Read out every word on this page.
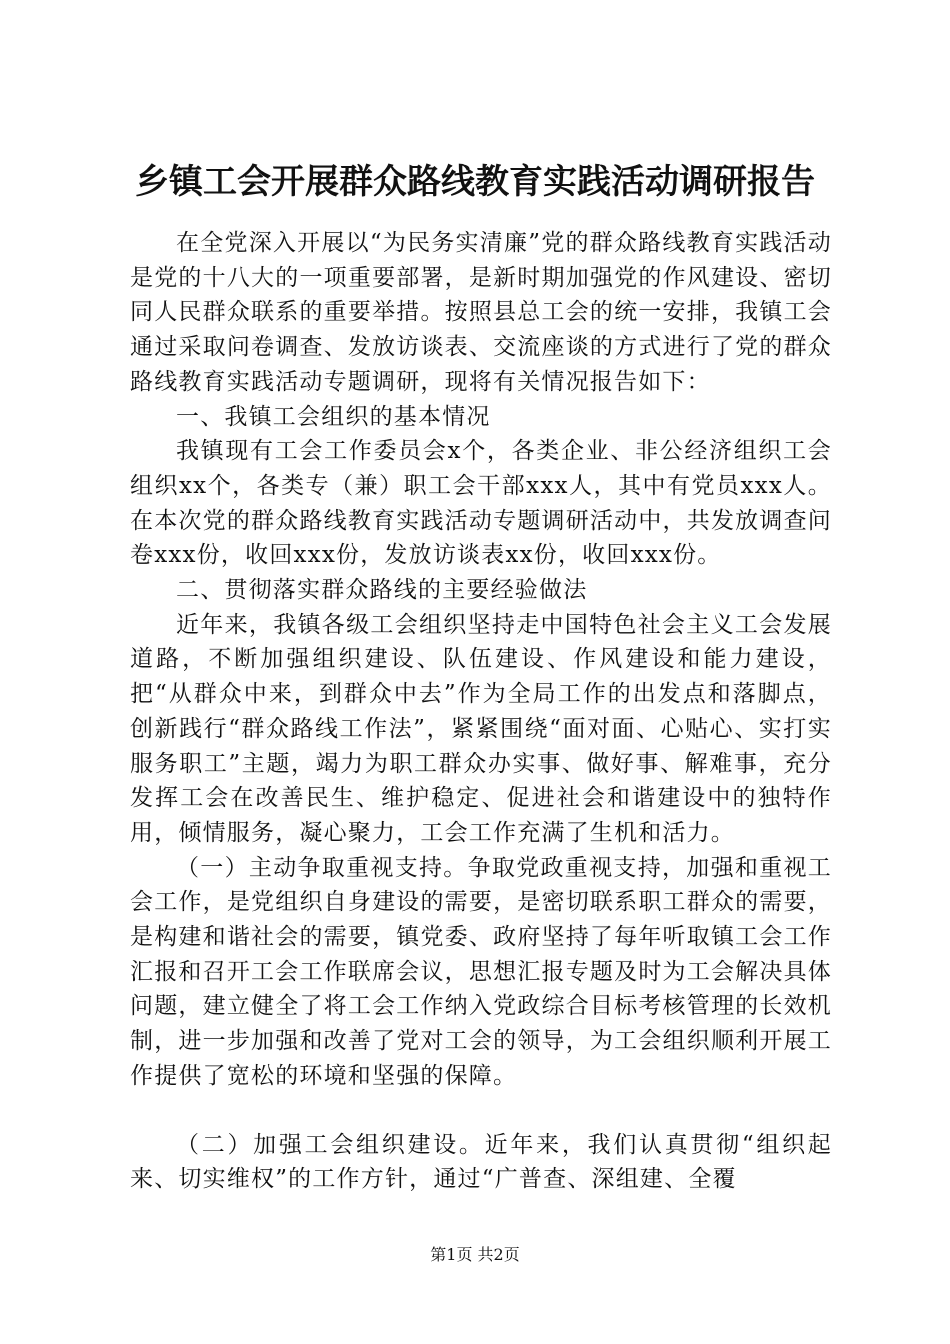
乡镇工会开展群众路线教育实践活动调研报告

在全党深入开展以“为民务实清廉”党的群众路线教育实践活动是党的十八大的一项重要部署，是新时期加强党的作风建设、密切同人民群众联系的重要举措。按照县总工会的统一安排，我镇工会通过采取问卷调查、发放访谈表、交流座谈的方式进行了党的群众路线教育实践活动专题调研，现将有关情况报告如下：

一、我镇工会组织的基本情况

我镇现有工会工作委员会x个，各类企业、非公经济组织工会组织xx个，各类专（兼）职工会干部xxx人，其中有党员xxx人。在本次党的群众路线教育实践活动专题调研活动中，共发放调查问卷xxx份，收回xxx份，发放访谈表xx份，收回xxx份。

二、贯彻落实群众路线的主要经验做法

近年来，我镇各级工会组织坚持走中国特色社会主义工会发展道路，不断加强组织建设、队伍建设、作风建设和能力建设，把“从群众中来，到群众中去”作为全局工作的出发点和落脚点，创新践行“群众路线工作法”，紧紧围绕“面对面、心贴心、实打实服务职工”主题，竭力为职工群众办实事、做好事、解难事，充分发挥工会在改善民生、维护稳定、促进社会和谐建设中的独特作用，倾情服务，凝心聚力，工会工作充满了生机和活力。

（一）主动争取重视支持。争取党政重视支持，加强和重视工会工作，是党组织自身建设的需要，是密切联系职工群众的需要，是构建和谐社会的需要，镇党委、政府坚持了每年听取镇工会工作汇报和召开工会工作联席会议，思想汇报专题及时为工会解决具体问题，建立健全了将工会工作纳入党政综合目标考核管理的长效机制，进一步加强和改善了党对工会的领导，为工会组织顺利开展工作提供了宽松的环境和坚强的保障。

（二）加强工会组织建设。近年来，我们认真贯彻“组织起来、切实维权”的工作方针，通过“广普查、深组建、全覆

第1页 共2页
